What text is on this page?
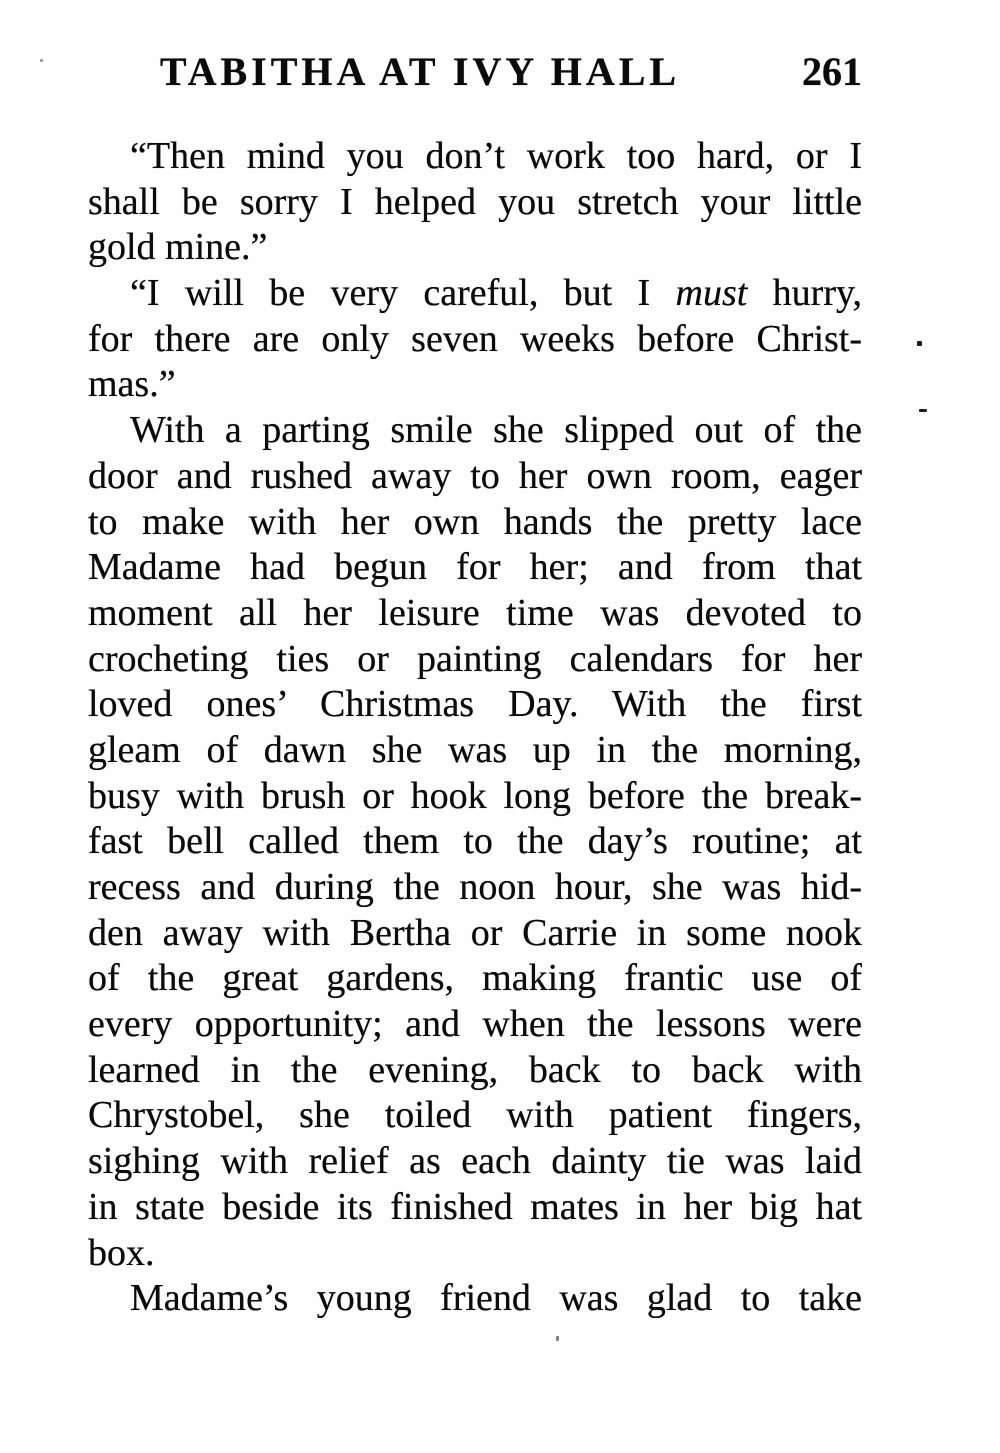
TABITHA AT IVY HALL	261
“Then mind you don’t work too hard, or I
shall be sorry I helped you stretch your little
gold mine.”
“I will be very careful, but I must hurry,
for there are only seven weeks before Christ-
mas.”
With a parting smile she slipped out of the
door and rushed away to her own room, eager
to make with her own hands the pretty lace
Madame had begun for her; and from that
moment all her leisure time was devoted to
crocheting ties or painting calendars for her
loved ones’ Christmas Day. With the first
gleam of dawn she was up in the morning,
busy with brush or hook long before the break-
fast bell called them to the day’s routine; at
recess and during the noon hour, she was hid-
den away with Bertha or Carrie in some nook
of the great gardens, making frantic use of
every opportunity; and when the lessons were
learned in the evening, back to back with
Chrystobel, she toiled with patient fingers,
sighing with relief as each dainty tie was laid
in state beside its finished mates in her big hat
box.
Madame’s young friend was glad to take
